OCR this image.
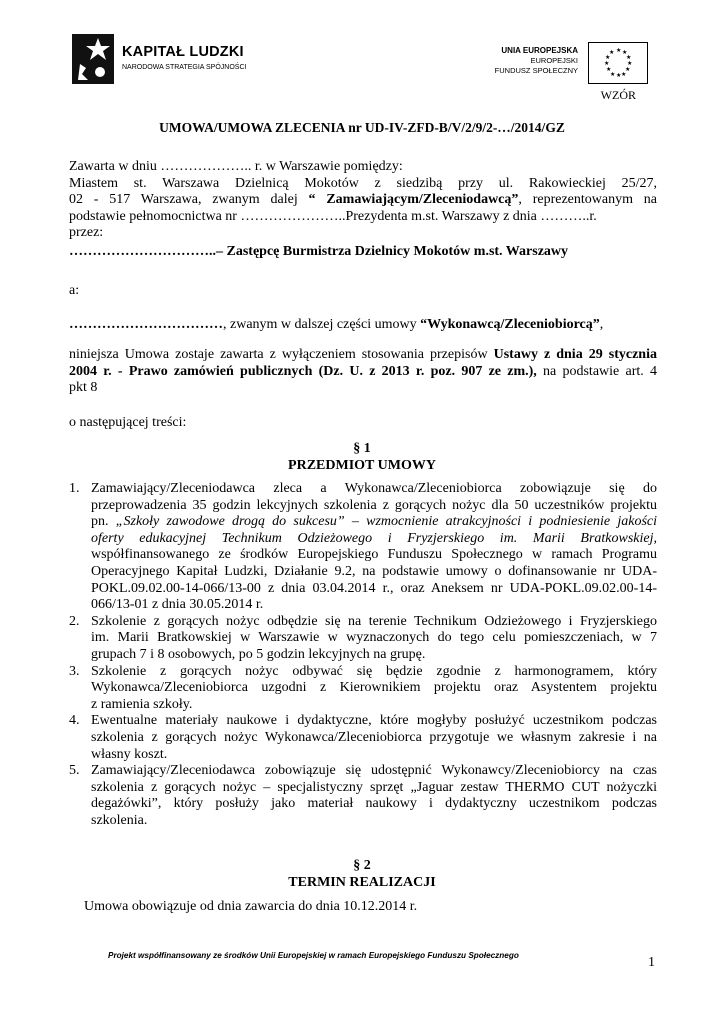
KAPITAŁ LUDZKI
NARODOWA STRATEGIA SPÓJNOŚCI
UNIA EUROPEJSKA
EUROPEJSKI
FUNDUSZ SPOŁECZNY
★ ★
★
★
★
★
★
★
★
★
★
★
WZÓR
UMOWA/UMOWA ZLECENIA nr UD-IV-ZFD-B/V/2/9/2-…/2014/GZ
Zawarta w dniu ……………….. r. w Warszawie pomiędzy:
Miastem st. Warszawa Dzielnicą Mokotów z siedzibą przy ul. Rakowieckiej 25/27,
02 - 517 Warszawa, zwanym dalej “ Zamawiającym/Zleceniodawcą”, reprezentowanym na
podstawie pełnomocnictwa nr …………………..Prezydenta m.st. Warszawy z dnia ………..r.
przez:
…………………………..– Zastępcę Burmistrza Dzielnicy Mokotów m.st. Warszawy
a:
……………………………, zwanym w dalszej części umowy “Wykonawcą/Zleceniobiorcą”,
niniejsza Umowa zostaje zawarta z wyłączeniem stosowania przepisów Ustawy z dnia 29 stycznia
2004 r. - Prawo zamówień publicznych (Dz. U. z 2013 r. poz. 907 ze zm.), na podstawie art. 4
pkt 8
o następującej treści:
§ 1
PRZEDMIOT UMOWY
1. Zamawiający/Zleceniodawca zleca a Wykonawca/Zleceniobiorca zobowiązuje się do
przeprowadzenia 35 godzin lekcyjnych szkolenia z gorących nożyc dla 50 uczestników projektu
pn. „Szkoły zawodowe drogą do sukcesu” – wzmocnienie atrakcyjności i podniesienie jakości
oferty edukacyjnej Technikum Odzieżowego i Fryzjerskiego im. Marii Bratkowskiej,
współfinansowanego ze środków Europejskiego Funduszu Społecznego w ramach Programu
Operacyjnego Kapitał Ludzki, Działanie 9.2, na podstawie umowy o dofinansowanie nr UDA-
POKL.09.02.00-14-066/13-00 z dnia 03.04.2014 r., oraz Aneksem nr UDA-POKL.09.02.00-14-
066/13-01 z dnia 30.05.2014 r.
2. Szkolenie z gorących nożyc odbędzie się na terenie Technikum Odzieżowego i Fryzjerskiego
im. Marii Bratkowskiej w Warszawie w wyznaczonych do tego celu pomieszczeniach, w 7
grupach 7 i 8 osobowych, po 5 godzin lekcyjnych na grupę.
3. Szkolenie z gorących nożyc odbywać się będzie zgodnie z harmonogramem, który
Wykonawca/Zleceniobiorca uzgodni z Kierownikiem projektu oraz Asystentem projektu
z ramienia szkoły.
4. Ewentualne materiały naukowe i dydaktyczne, które mogłyby posłużyć uczestnikom podczas
szkolenia z gorących nożyc Wykonawca/Zleceniobiorca przygotuje we własnym zakresie i na
własny koszt.
5. Zamawiający/Zleceniodawca zobowiązuje się udostępnić Wykonawcy/Zleceniobiorcy na czas
szkolenia z gorących nożyc – specjalistyczny sprzęt „Jaguar zestaw THERMO CUT nożyczki
degażówki”, który posłuży jako materiał naukowy i dydaktyczny uczestnikom podczas
szkolenia.
§ 2
TERMIN REALIZACJI
Umowa obowiązuje od dnia zawarcia do dnia 10.12.2014 r.
Projekt współfinansowany ze środków Unii Europejskiej w ramach Europejskiego Funduszu Społecznego	1
